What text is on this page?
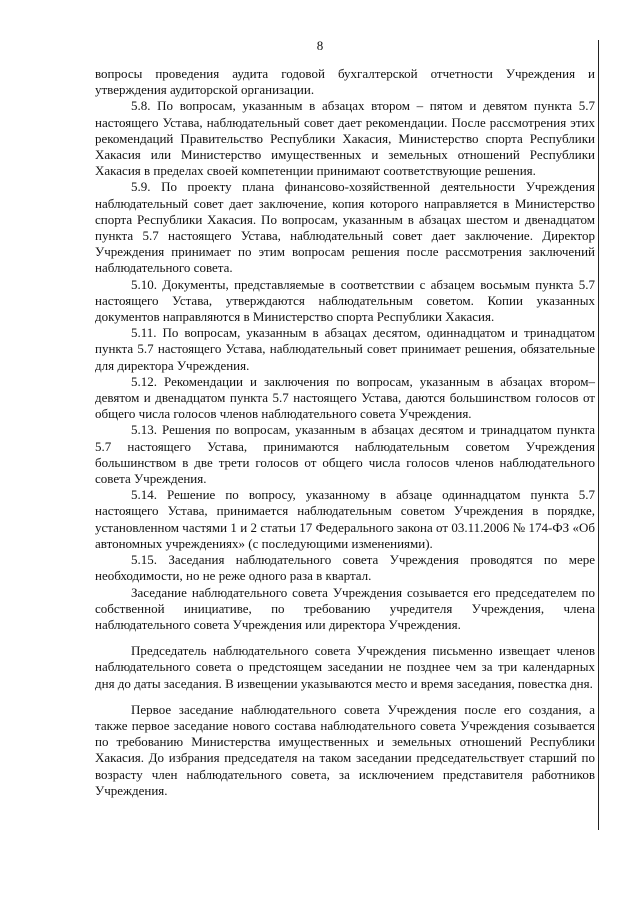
8

вопросы проведения аудита годовой бухгалтерской отчетности Учреждения и утверждения аудиторской организации.

5.8. По вопросам, указанным в абзацах втором – пятом и девятом пункта 5.7 настоящего Устава, наблюдательный совет дает рекомендации. После рассмотрения этих рекомендаций Правительство Республики Хакасия, Министерство спорта Республики Хакасия или Министерство имущественных и земельных отношений Республики Хакасия в пределах своей компетенции принимают соответствующие решения.

5.9. По проекту плана финансово-хозяйственной деятельности Учреждения наблюдательный совет дает заключение, копия которого направляется в Министерство спорта Республики Хакасия. По вопросам, указанным в абзацах шестом и двенадцатом пункта 5.7 настоящего Устава, наблюдательный совет дает заключение. Директор Учреждения принимает по этим вопросам решения после рассмотрения заключений наблюдательного совета.

5.10. Документы, представляемые в соответствии с абзацем восьмым пункта 5.7 настоящего Устава, утверждаются наблюдательным советом. Копии указанных документов направляются в Министерство спорта Республики Хакасия.

5.11. По вопросам, указанным в абзацах десятом, одиннадцатом и тринадцатом пункта 5.7 настоящего Устава, наблюдательный совет принимает решения, обязательные для директора Учреждения.

5.12. Рекомендации и заключения по вопросам, указанным в абзацах втором–девятом и двенадцатом пункта 5.7 настоящего Устава, даются большинством голосов от общего числа голосов членов наблюдательного совета Учреждения.

5.13. Решения по вопросам, указанным в абзацах десятом и тринадцатом пункта 5.7 настоящего Устава, принимаются наблюдательным советом Учреждения большинством в две трети голосов от общего числа голосов членов наблюдательного совета Учреждения.

5.14. Решение по вопросу, указанному в абзаце одиннадцатом пункта 5.7 настоящего Устава, принимается наблюдательным советом Учреждения в порядке, установленном частями 1 и 2 статьи 17 Федерального закона от 03.11.2006 № 174-ФЗ «Об автономных учреждениях» (с последующими изменениями).

5.15. Заседания наблюдательного совета Учреждения проводятся по мере необходимости, но не реже одного раза в квартал.

Заседание наблюдательного совета Учреждения созывается его председателем по собственной инициативе, по требованию учредителя Учреждения, члена наблюдательного совета Учреждения или директора Учреждения.

Председатель наблюдательного совета Учреждения письменно извещает членов наблюдательного совета о предстоящем заседании не позднее чем за три календарных дня до даты заседания. В извещении указываются место и время заседания, повестка дня.

Первое заседание наблюдательного совета Учреждения после его создания, а также первое заседание нового состава наблюдательного совета Учреждения созывается по требованию Министерства имущественных и земельных отношений Республики Хакасия. До избрания председателя на таком заседании председательствует старший по возрасту член наблюдательного совета, за исключением представителя работников Учреждения.
